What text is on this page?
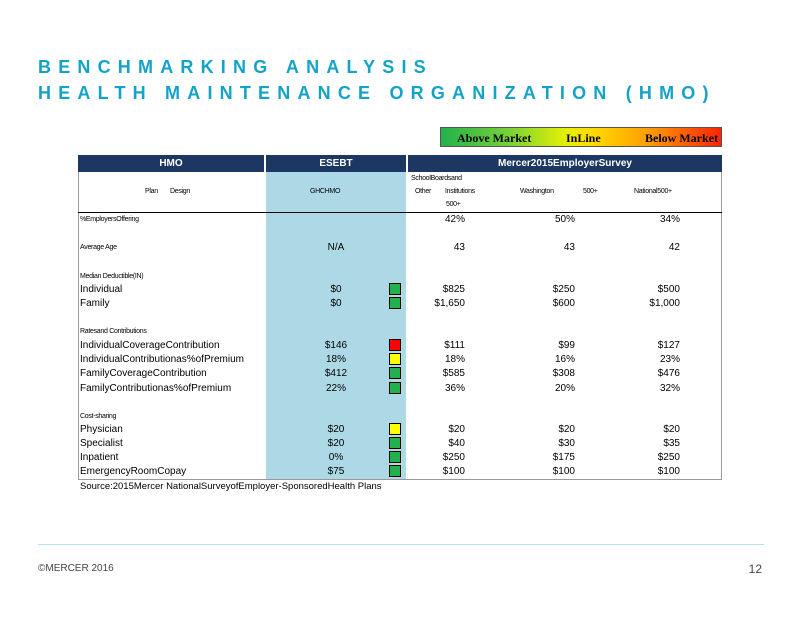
BENCHMARKING ANALYSIS
HEALTH MAINTENANCE ORGANIZATION (HMO)
Above Market	InLine	Below Market
HMO	ESEBT	Mercer2015EmployerSurvey
Plan Design	GHCHMO
SchoolBoardsand
Other Institutions
500+
Washington	500+	National500+
%EmployersOffering	42%	50%	34%
Average Age	N/A	43	43	42
Median Deductible(IN)
Individual	$0	$825	$250	$500
Family	$0	$1,650	$600	$1,000
Ratesand Contributions
IndividualCoverageContribution	$146	$111	$99	$127
IndividualContributionas%ofPremium	18%	18%	16%	23%
FamilyCoverageContribution	$412	$585	$308	$476
FamilyContributionas%ofPremium	22%	36%	20%	32%
Cost-sharing
Physician	$20	$20	$20	$20
Specialist	$20	$40	$30	$35
Inpatient	0%	$250	$175	$250
EmergencyRoomCopay	$75	$100	$100	$100
Source:2015Mercer NationalSurveyofEmployer-SponsoredHealth Plans
©MERCER 2016	12
